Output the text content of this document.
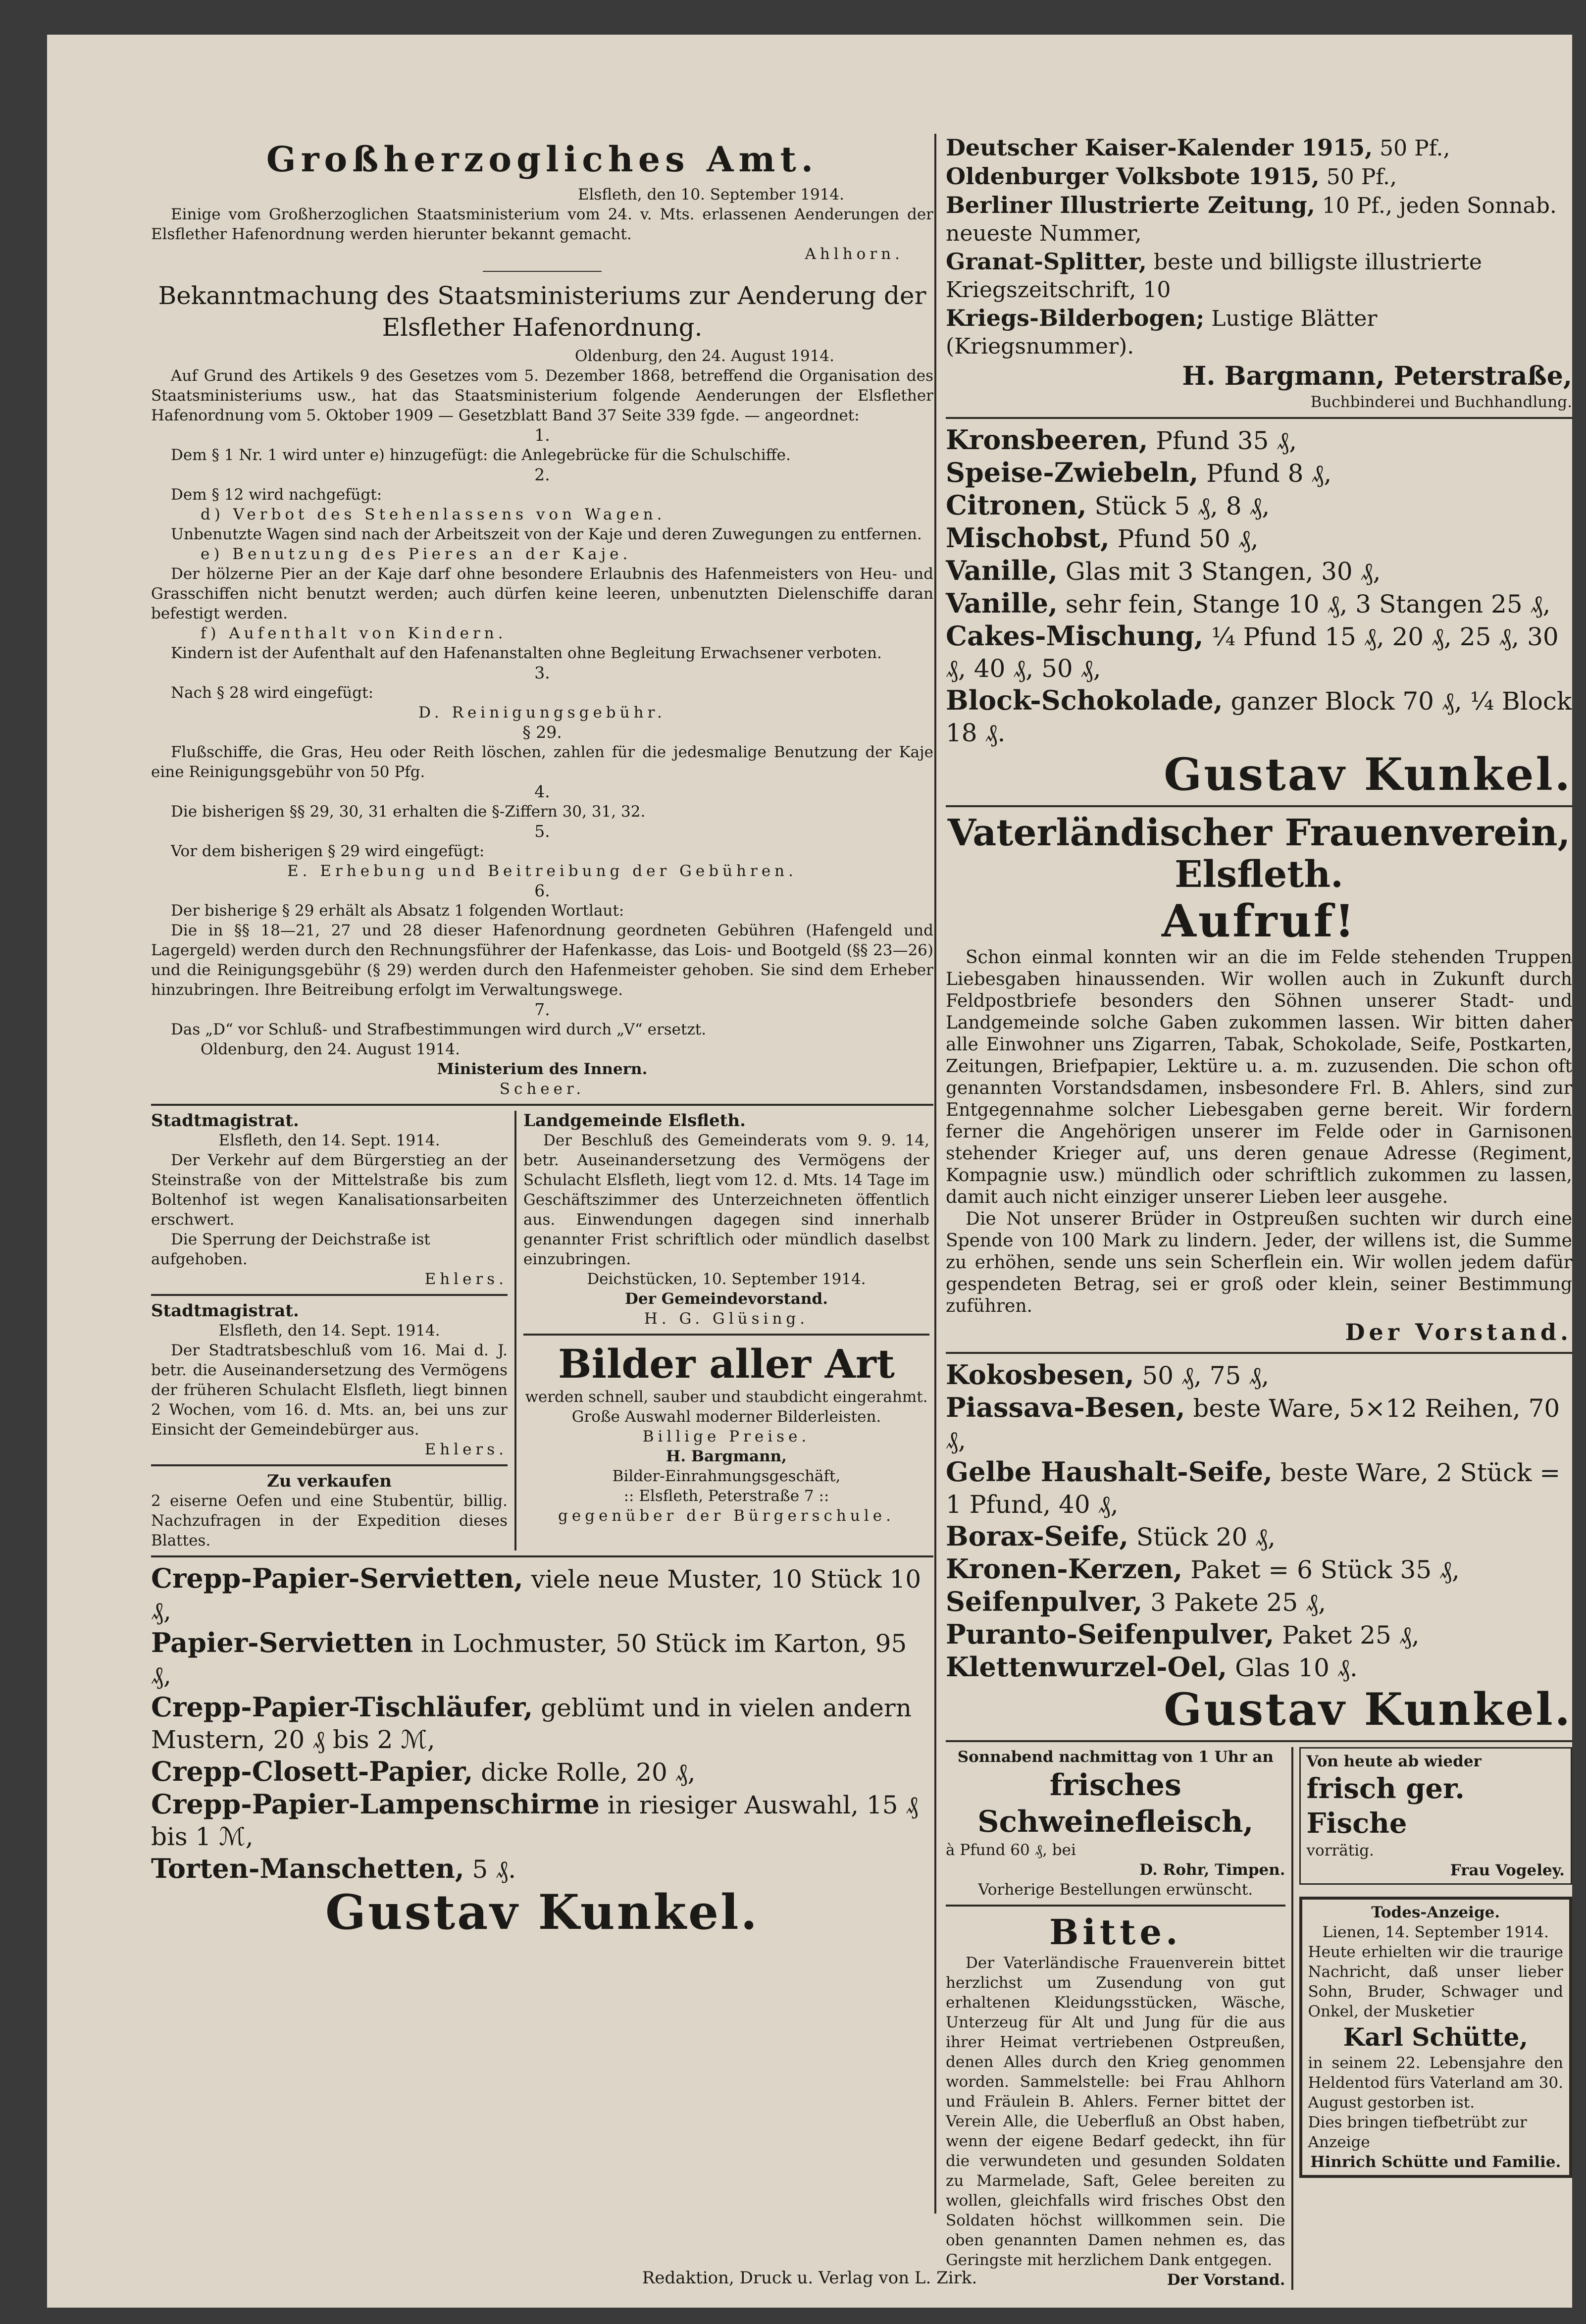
Großherzogliches Amt.

Elsfleth, den 10. September 1914.

Einige vom Großherzoglichen Staatsministerium vom 24. v. Mts. erlassenen Aenderungen der Elsflether Hafenordnung werden hierunter bekannt gemacht.

Ahlhorn.

Bekanntmachung des Staatsministeriums zur Aenderung der Elsflether Hafenordnung.

Oldenburg, den 24. August 1914.

Auf Grund des Artikels 9 des Gesetzes vom 5. Dezember 1868, betreffend die Organisation des Staatsministeriums usw., hat das Staatsministerium folgende Aenderungen der Elsflether Hafenordnung vom 5. Oktober 1909 — Gesetzblatt Band 37 Seite 339 fgde. — angeordnet:

1.

Dem § 1 Nr. 1 wird unter e) hinzugefügt: die Anlegebrücke für die Schulschiffe.

2.

Dem § 12 wird nachgefügt:

d) Verbot des Stehenlassens von Wagen.

Unbenutzte Wagen sind nach der Arbeitszeit von der Kaje und deren Zuwegungen zu entfernen.

e) Benutzung des Pieres an der Kaje.

Der hölzerne Pier an der Kaje darf ohne besondere Erlaubnis des Hafenmeisters von Heu- und Grasschiffen nicht benutzt werden; auch dürfen keine leeren, unbenutzten Dielenschiffe daran befestigt werden.

f) Aufenthalt von Kindern.

Kindern ist der Aufenthalt auf den Hafenanstalten ohne Begleitung Erwachsener verboten.

3.

Nach § 28 wird eingefügt:

D. Reinigungsgebühr.

§ 29.

Flußschiffe, die Gras, Heu oder Reith löschen, zahlen für die jedesmalige Benutzung der Kaje eine Reinigungsgebühr von 50 Pfg.

4.

Die bisherigen §§ 29, 30, 31 erhalten die §-Ziffern 30, 31, 32.

5.

Vor dem bisherigen § 29 wird eingefügt:

E. Erhebung und Beitreibung der Gebühren.

6.

Der bisherige § 29 erhält als Absatz 1 folgenden Wortlaut:

Die in §§ 18—21, 27 und 28 dieser Hafenordnung geordneten Gebühren (Hafengeld und Lagergeld) werden durch den Rechnungsführer der Hafenkasse, das Lois- und Bootgeld (§§ 23—26) und die Reinigungsgebühr (§ 29) werden durch den Hafenmeister gehoben. Sie sind dem Erheber hinzubringen. Ihre Beitreibung erfolgt im Verwaltungswege.

7.

Das „D“ vor Schluß- und Strafbestimmungen wird durch „V“ ersetzt.

Oldenburg, den 24. August 1914.

Ministerium des Innern.

Scheer.

Stadtmagistrat.

Elsfleth, den 14. Sept. 1914.

Der Verkehr auf dem Bürgerstieg an der Steinstraße von der Mittelstraße bis zum Boltenhof ist wegen Kanalisationsarbeiten erschwert.

Die Sperrung der Deichstraße ist aufgehoben.

Ehlers.

Stadtmagistrat.

Elsfleth, den 14. Sept. 1914.

Der Stadtratsbeschluß vom 16. Mai d. J. betr. die Auseinandersetzung des Vermögens der früheren Schulacht Elsfleth, liegt binnen 2 Wochen, vom 16. d. Mts. an, bei uns zur Einsicht der Gemeindebürger aus.

Ehlers.

Zu verkaufen

2 eiserne Oefen und eine Stubentür, billig. Nachzufragen in der Expedition dieses Blattes.

Landgemeinde Elsfleth.

Der Beschluß des Gemeinderats vom 9. 9. 14, betr. Auseinandersetzung des Vermögens der Schulacht Elsfleth, liegt vom 12. d. Mts. 14 Tage im Geschäftszimmer des Unterzeichneten öffentlich aus. Einwendungen dagegen sind innerhalb genannter Frist schriftlich oder mündlich daselbst einzubringen.

Deichstücken, 10. September 1914.

Der Gemeindevorstand.

H. G. Glüsing.

Bilder aller Art

werden schnell, sauber und staubdicht eingerahmt.

Große Auswahl moderner Bilderleisten.

Billige Preise.

H. Bargmann,

Bilder-Einrahmungsgeschäft,

:: Elsfleth, Peterstraße 7 ::

gegenüber der Bürgerschule.

Crepp-Papier-Servietten, viele neue Muster, 10 Stück 10 ₰,

Papier-Servietten in Lochmuster, 50 Stück im Karton, 95 ₰,

Crepp-Papier-Tischläufer, geblümt und in vielen andern Mustern, 20 ₰ bis 2 ℳ,

Crepp-Closett-Papier, dicke Rolle, 20 ₰,

Crepp-Papier-Lampenschirme in riesiger Auswahl, 15 ₰ bis 1 ℳ,

Torten-Manschetten, 5 ₰.

Gustav Kunkel.

Deutscher Kaiser-Kalender 1915, 50 Pf.,

Oldenburger Volksbote 1915, 50 Pf.,

Berliner Illustrierte Zeitung, 10 Pf., jeden Sonnab. neueste Nummer,

Granat-Splitter, beste und billigste illustrierte Kriegszeitschrift, 10

Kriegs-Bilderbogen; Lustige Blätter (Kriegsnummer).

H. Bargmann, Peterstraße,

Buchbinderei und Buchhandlung.

Kronsbeeren, Pfund 35 ₰,

Speise-Zwiebeln, Pfund 8 ₰,

Citronen, Stück 5 ₰, 8 ₰,

Mischobst, Pfund 50 ₰,

Vanille, Glas mit 3 Stangen, 30 ₰,

Vanille, sehr fein, Stange 10 ₰, 3 Stangen 25 ₰,

Cakes-Mischung, ¼ Pfund 15 ₰, 20 ₰, 25 ₰, 30 ₰, 40 ₰, 50 ₰,

Block-Schokolade, ganzer Block 70 ₰, ¼ Block 18 ₰.

Gustav Kunkel.
Vaterländischer Frauenverein, Elsfleth.
Aufruf!

Schon einmal konnten wir an die im Felde stehenden Truppen Liebesgaben hinaussenden. Wir wollen auch in Zukunft durch Feldpostbriefe besonders den Söhnen unserer Stadt- und Landgemeinde solche Gaben zukommen lassen. Wir bitten daher alle Einwohner uns Zigarren, Tabak, Schokolade, Seife, Postkarten, Zeitungen, Briefpapier, Lektüre u. a. m. zuzusenden. Die schon oft genannten Vorstandsdamen, insbesondere Frl. B. Ahlers, sind zur Entgegennahme solcher Liebesgaben gerne bereit. Wir fordern ferner die Angehörigen unserer im Felde oder in Garnisonen stehender Krieger auf, uns deren genaue Adresse (Regiment, Kompagnie usw.) mündlich oder schriftlich zukommen zu lassen, damit auch nicht einziger unserer Lieben leer ausgehe.

Die Not unserer Brüder in Ostpreußen suchten wir durch eine Spende von 100 Mark zu lindern. Jeder, der willens ist, die Summe zu erhöhen, sende uns sein Scherflein ein. Wir wollen jedem dafür gespendeten Betrag, sei er groß oder klein, seiner Bestimmung zuführen.

Der Vorstand.

Kokosbesen, 50 ₰, 75 ₰,

Piassava-Besen, beste Ware, 5×12 Reihen, 70 ₰,

Gelbe Haushalt-Seife, beste Ware, 2 Stück = 1 Pfund, 40 ₰,

Borax-Seife, Stück 20 ₰,

Kronen-Kerzen, Paket = 6 Stück 35 ₰,

Seifenpulver, 3 Pakete 25 ₰,

Puranto-Seifenpulver, Paket 25 ₰,

Klettenwurzel-Oel, Glas 10 ₰.

Gustav Kunkel.

Sonnabend nachmittag von 1 Uhr an

frisches Schweinefleisch,

à Pfund 60 ₰, bei

D. Rohr, Timpen.

Vorherige Bestellungen erwünscht.

Bitte.

Der Vaterländische Frauenverein bittet herzlichst um Zusendung von gut erhaltenen Kleidungsstücken, Wäsche, Unterzeug für Alt und Jung für die aus ihrer Heimat vertriebenen Ostpreußen, denen Alles durch den Krieg genommen worden. Sammelstelle: bei Frau Ahlhorn und Fräulein B. Ahlers. Ferner bittet der Verein Alle, die Ueberfluß an Obst haben, wenn der eigene Bedarf gedeckt, ihn für die verwundeten und gesunden Soldaten zu Marmelade, Saft, Gelee bereiten zu wollen, gleichfalls wird frisches Obst den Soldaten höchst willkommen sein. Die oben genannten Damen nehmen es, das Geringste mit herzlichem Dank entgegen.

Der Vorstand.

Von heute ab wieder

frisch ger. Fische

vorrätig.

Frau Vogeley.

Todes-Anzeige.

Lienen, 14. September 1914.

Heute erhielten wir die traurige Nachricht, daß unser lieber Sohn, Bruder, Schwager und Onkel, der Musketier

Karl Schütte,

in seinem 22. Lebensjahre den Heldentod fürs Vaterland am 30. August gestorben ist.

Dies bringen tiefbetrübt zur Anzeige

Hinrich Schütte und Familie.

Redaktion, Druck u. Verlag von L. Zirk.
